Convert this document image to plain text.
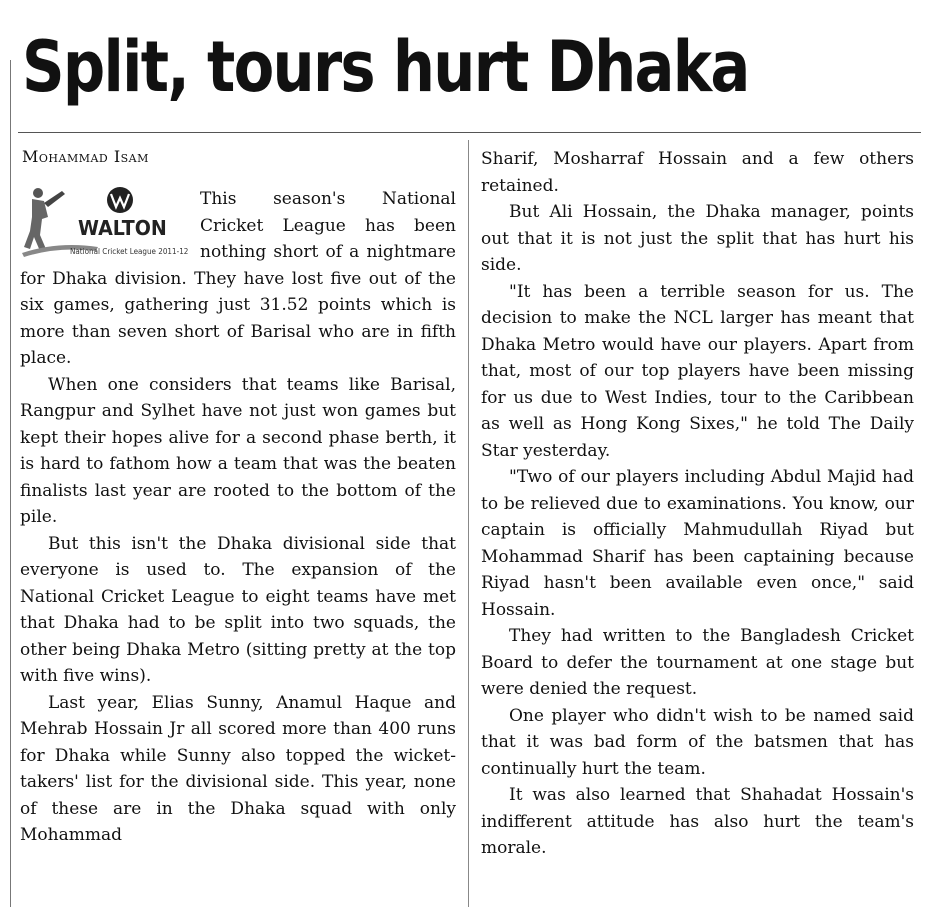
Split, tours hurt Dhaka
Mohammad Isam
WALTON
National Cricket League 2011-12

This season's National Cricket League has been nothing short of a nightmare for Dhaka division. They have lost five out of the six games, gathering just 31.52 points which is more than seven short of Barisal who are in fifth place.

When one considers that teams like Barisal, Rangpur and Sylhet have not just won games but kept their hopes alive for a second phase berth, it is hard to fathom how a team that was the beaten finalists last year are rooted to the bottom of the pile.

But this isn't the Dhaka divisional side that everyone is used to. The expansion of the National Cricket League to eight teams have met that Dhaka had to be split into two squads, the other being Dhaka Metro (sitting pretty at the top with five wins).

Last year, Elias Sunny, Anamul Haque and Mehrab Hossain Jr all scored more than 400 runs for Dhaka while Sunny also topped the wicket-takers' list for the divisional side. This year, none of these are in the Dhaka squad with only Mohammad

Sharif, Mosharraf Hossain and a few others retained.

But Ali Hossain, the Dhaka manager, points out that it is not just the split that has hurt his side.

"It has been a terrible season for us. The decision to make the NCL larger has meant that Dhaka Metro would have our players. Apart from that, most of our top players have been missing for us due to West Indies, tour to the Caribbean as well as Hong Kong Sixes," he told The Daily Star yesterday.

"Two of our players including Abdul Majid had to be relieved due to examinations. You know, our captain is officially Mahmudullah Riyad but Mohammad Sharif has been captaining because Riyad hasn't been available even once," said Hossain.

They had written to the Bangladesh Cricket Board to defer the tournament at one stage but were denied the request.

One player who didn't wish to be named said that it was bad form of the batsmen that has continually hurt the team.

It was also learned that Shahadat Hossain's indifferent attitude has also hurt the team's morale.
